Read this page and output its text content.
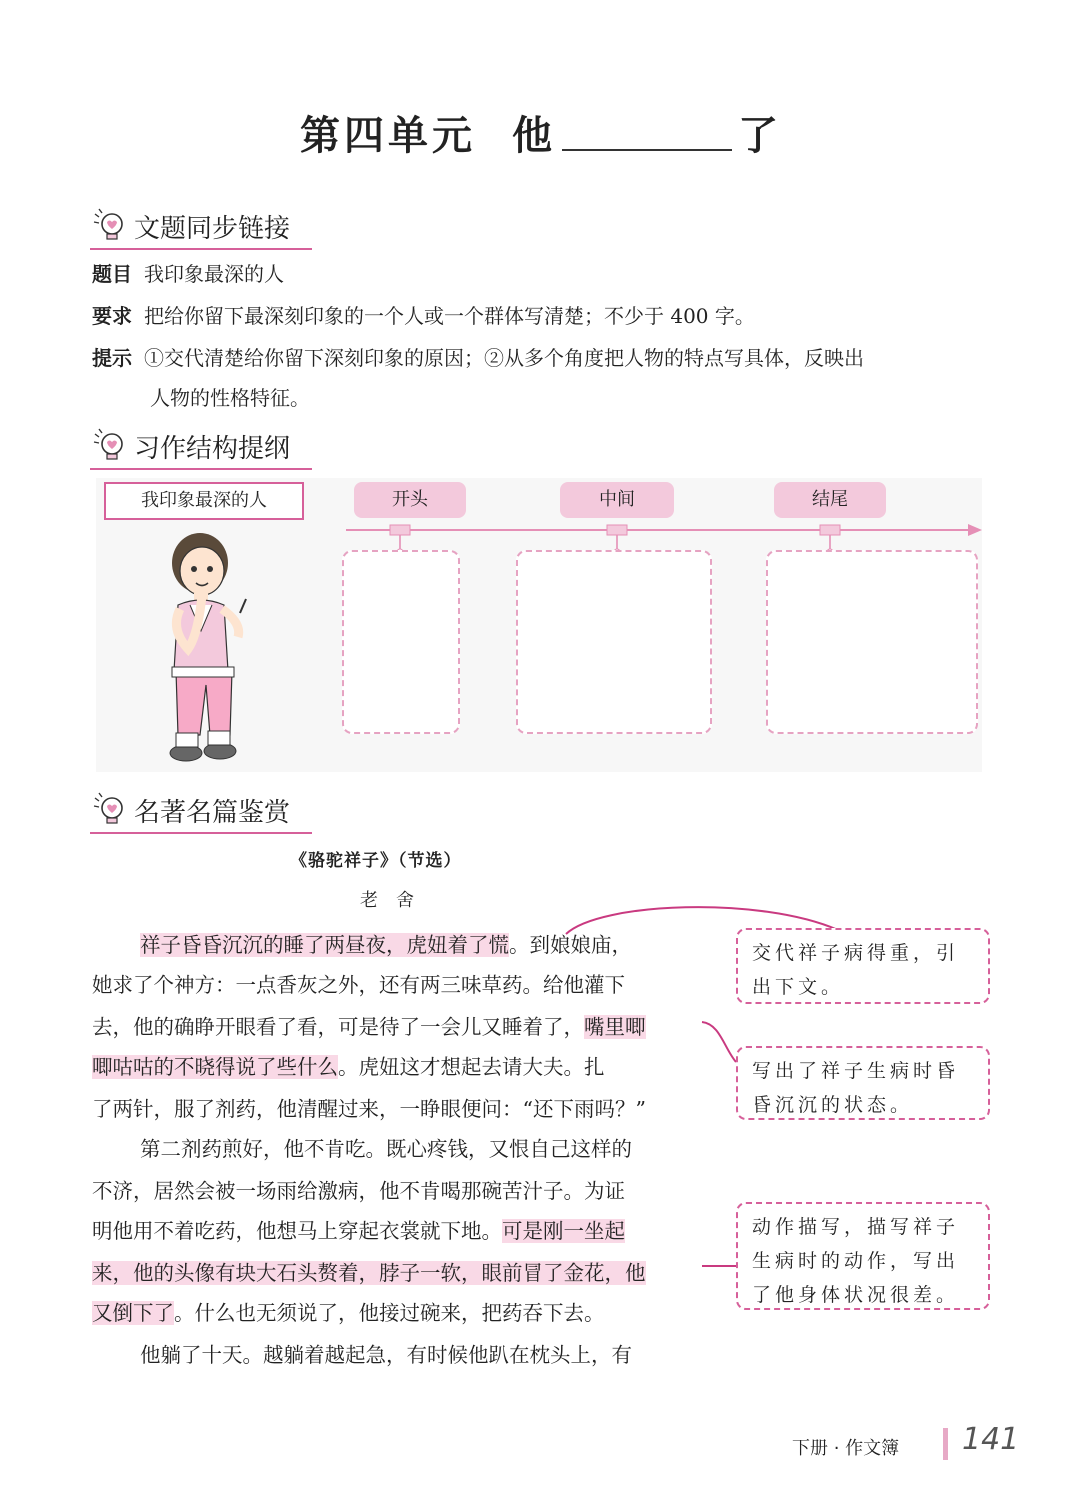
第四单元 他	了
文题同步链接
题目 我印象最深的人
要求 把给你留下最深刻印象的一个人或一个群体写清楚；不少于 400 字。
提示 ①交代清楚给你留下深刻印象的原因；②从多个角度把人物的特点写具体，反映出
人物的性格特征。
习作结构提纲
我印象最深的人	开头	中间	结尾
名著名篇鉴赏
《骆驼祥子》（节选）
老舍
祥子昏昏沉沉的睡了两昼夜，虎妞着了慌。到娘娘庙，
她求了个神方：一点香灰之外，还有两三味草药。给他灌下
去，他的确睁开眼看了看，可是待了一会儿又睡着了，嘴里唧
唧咕咕的不晓得说了些什么。虎妞这才想起去请大夫。扎
了两针，服了剂药，他清醒过来，一睁眼便问：“还下雨吗？”
第二剂药煎好，他不肯吃。既心疼钱，又恨自己这样的
不济，居然会被一场雨给激病，他不肯喝那碗苦汁子。为证
明他用不着吃药，他想马上穿起衣裳就下地。可是刚一坐起
来，他的头像有块大石头赘着，脖子一软，眼前冒了金花，他
又倒下了。什么也无须说了，他接过碗来，把药吞下去。
他躺了十天。越躺着越起急，有时候他趴在枕头上，有
交代祥子病得重，引出下文。
写出了祥子生病时昏昏沉沉的状态。
动作描写，描写祥子生病时的动作，写出了他身体状况很差。
下册 · 作文簿 141
